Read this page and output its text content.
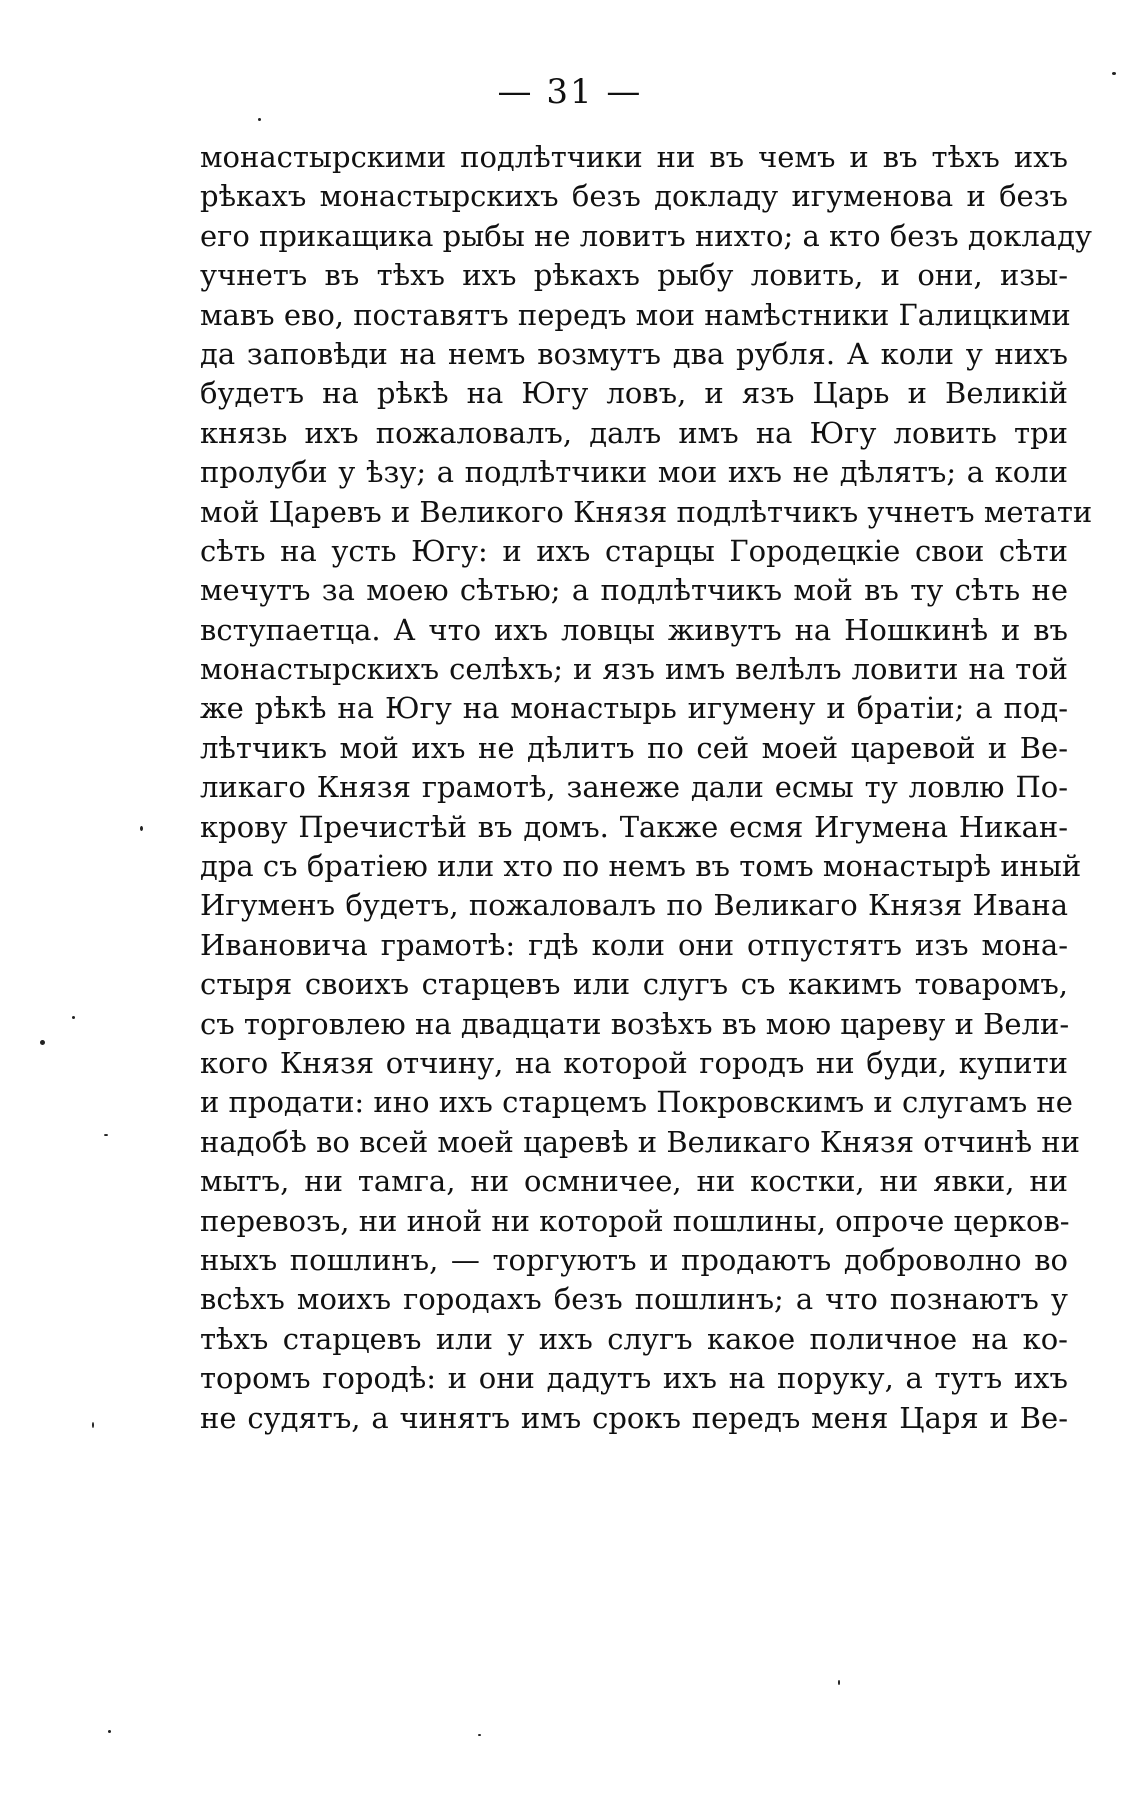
— 31 —
монастырскими подлѣтчики ни въ чемъ и въ тѣхъ ихъ
рѣкахъ монастырскихъ безъ докладу игуменова и безъ
его прикащика рыбы не ловитъ нихто; а кто безъ докладу
учнетъ въ тѣхъ ихъ рѣкахъ рыбу ловить, и они, изы-
мавъ ево, поставятъ передъ мои намѣстники Галицкими
да заповѣди на немъ возмутъ два рубля. А коли у нихъ
будетъ на рѣкѣ на Югу ловъ, и язъ Царь и Великій
князь ихъ пожаловалъ, далъ имъ на Югу ловить три
пролуби у ѣзу; а подлѣтчики мои ихъ не дѣлятъ; а коли
мой Царевъ и Великого Князя подлѣтчикъ учнетъ метати
сѣть на усть Югу: и ихъ старцы Городецкіе свои сѣти
мечутъ за моею сѣтью; а подлѣтчикъ мой въ ту сѣть не
вступаетца. А что ихъ ловцы живутъ на Ношкинѣ и въ
монастырскихъ селѣхъ; и язъ имъ велѣлъ ловити на той
же рѣкѣ на Югу на монастырь игумену и братіи; а под-
лѣтчикъ мой ихъ не дѣлитъ по сей моей царевой и Ве-
ликаго Князя грамотѣ, занеже дали есмы ту ловлю По-
крову Пречистѣй въ домъ. Также есмя Игумена Никан-
дра съ братіею или хто по немъ въ томъ монастырѣ иный
Игуменъ будетъ, пожаловалъ по Великаго Князя Ивана
Ивановича грамотѣ: гдѣ коли они отпустятъ изъ мона-
стыря своихъ старцевъ или слугъ съ какимъ товаромъ,
съ торговлею на двадцати возѣхъ въ мою цареву и Вели-
кого Князя отчину, на которой городъ ни буди, купити
и продати: ино ихъ старцемъ Покровскимъ и слугамъ не
надобѣ во всей моей царевѣ и Великаго Князя отчинѣ ни
мытъ, ни тамга, ни осмничее, ни костки, ни явки, ни
перевозъ, ни иной ни которой пошлины, опроче церков-
ныхъ пошлинъ, — торгуютъ и продаютъ доброволно во
всѣхъ моихъ городахъ безъ пошлинъ; а что познаютъ у
тѣхъ старцевъ или у ихъ слугъ какое поличное на ко-
торомъ городѣ: и они дадутъ ихъ на поруку, а тутъ ихъ
не судятъ, а чинятъ имъ срокъ передъ меня Царя и Ве-
